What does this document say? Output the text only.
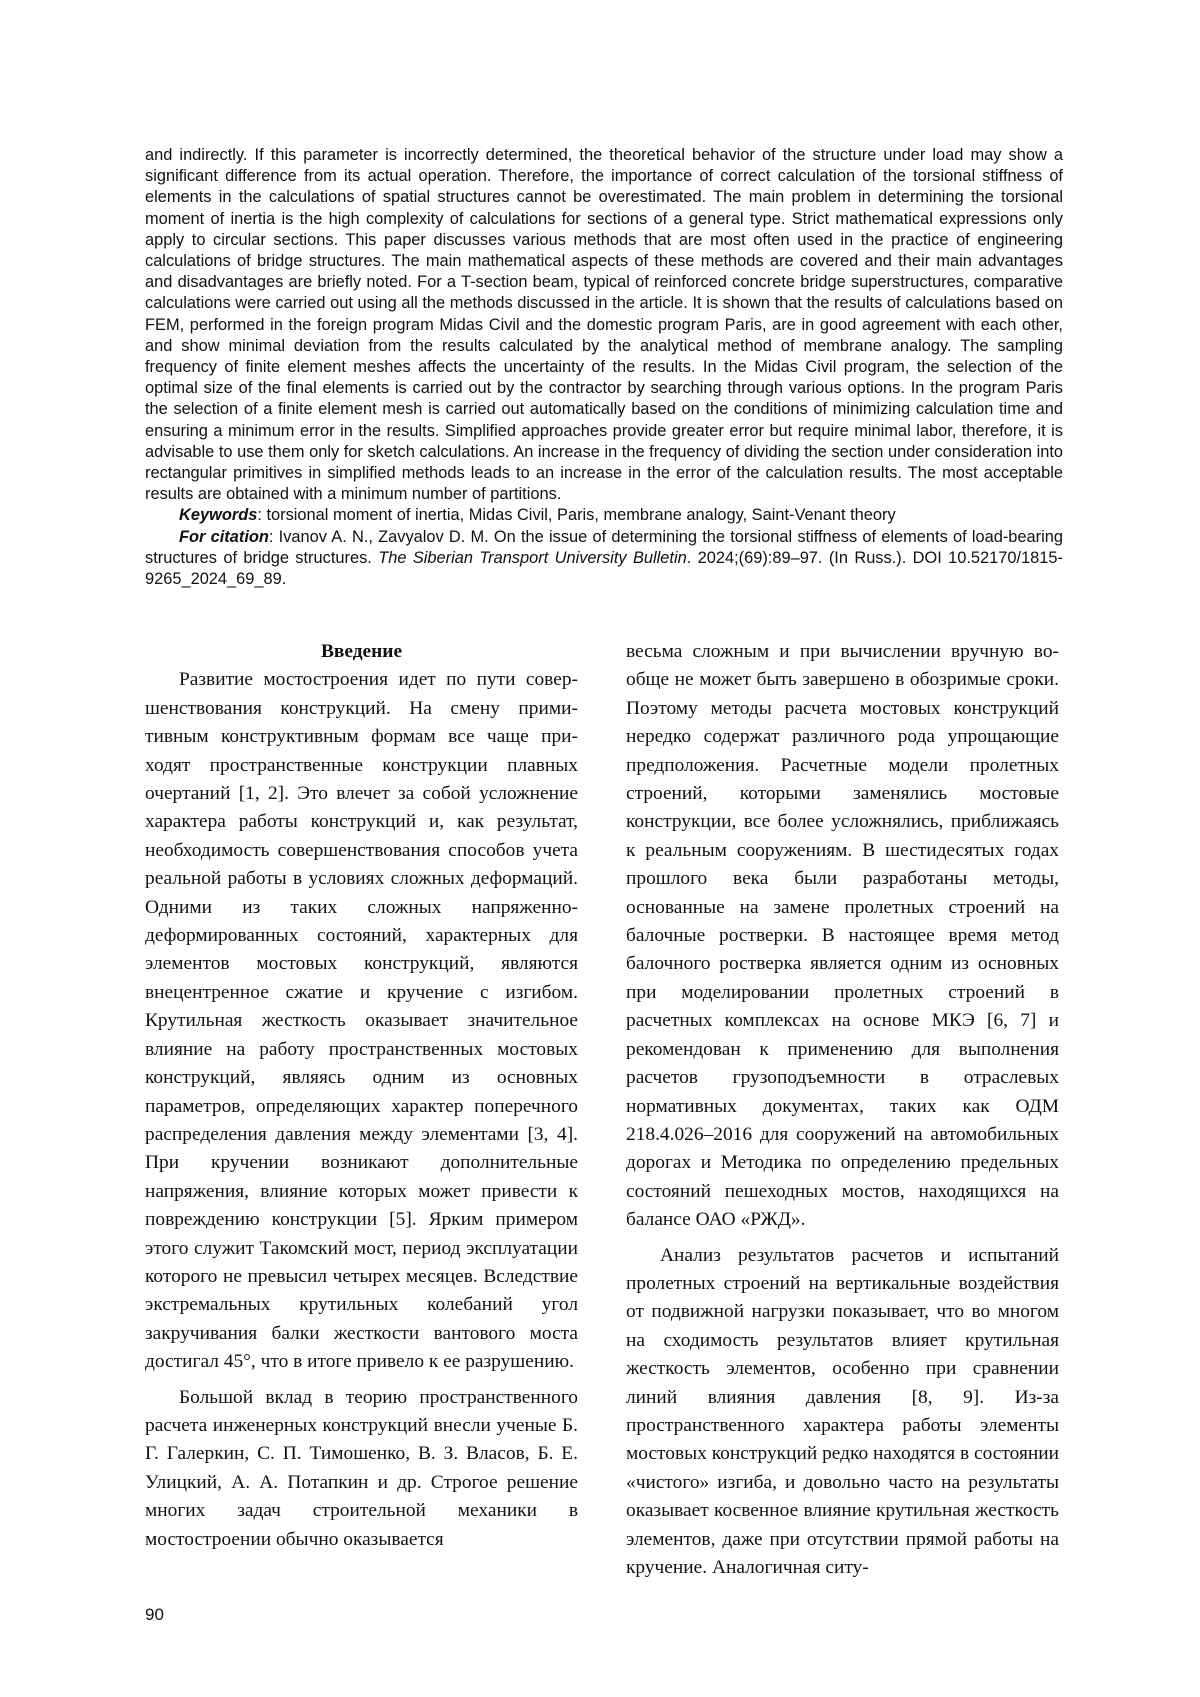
and indirectly. If this parameter is incorrectly determined, the theoretical behavior of the structure under load may show a significant difference from its actual operation. Therefore, the importance of correct calculation of the torsional stiffness of elements in the calculations of spatial structures cannot be overestimated. The main problem in determining the torsional moment of inertia is the high complexity of calculations for sections of a general type. Strict mathematical expressions only apply to circular sections. This paper discusses various methods that are most often used in the practice of engineering calculations of bridge structures. The main mathematical aspects of these methods are covered and their main advantages and disadvantages are briefly noted. For a T-section beam, typical of reinforced concrete bridge superstructures, comparative calculations were carried out using all the methods discussed in the article. It is shown that the results of calculations based on FEM, performed in the foreign program Midas Civil and the domestic program Paris, are in good agreement with each other, and show minimal deviation from the results calculated by the analytical method of membrane analogy. The sampling frequency of finite element meshes affects the uncertainty of the results. In the Midas Civil program, the selection of the optimal size of the final elements is carried out by the contractor by searching through various options. In the program Paris the selection of a finite element mesh is carried out automatically based on the conditions of minimizing calculation time and ensuring a minimum error in the results. Simplified approaches provide greater error but require minimal labor, therefore, it is advisable to use them only for sketch calculations. An increase in the frequency of dividing the section under consideration into rectangular primitives in simplified methods leads to an increase in the error of the calculation results. The most acceptable results are obtained with a minimum number of partitions.

Keywords: torsional moment of inertia, Midas Civil, Paris, membrane analogy, Saint-Venant theory

For citation: Ivanov A. N., Zavyalov D. M. On the issue of determining the torsional stiffness of elements of load-bearing structures of bridge structures. The Siberian Transport University Bulletin. 2024;(69):89–97. (In Russ.). DOI 10.52170/1815-9265_2024_69_89.

Введение

Развитие мостостроения идет по пути совер­шенствования конструкций. На смену прими­тивным конструктивным формам все чаще при­ходят пространственные конструкции плавных очертаний [1, 2]. Это влечет за собой усложне­ние характера работы конструкций и, как ре­зультат, необходимость совершенствования способов учета реальной работы в условиях сложных деформаций. Одними из таких слож­ных напряженно-деформированных состояний, характерных для элементов мостовых конструк­ций, являются внецентренное сжатие и круче­ние с изгибом. Крутильная жесткость оказывает значительное влияние на работу пространствен­ных мостовых конструкций, являясь одним из основных параметров, определяющих характер поперечного распределения давления между элементами [3, 4]. При кручении возникают до­полнительные напряжения, влияние которых может привести к повреждению конструкции [5]. Ярким примером этого служит Такомский мост, период эксплуатации которого не превы­сил четырех месяцев. Вследствие экстремаль­ных крутильных колебаний угол закручивания балки жесткости вантового моста достигал 45°, что в итоге привело к ее разрушению.

Большой вклад в теорию пространственного расчета инженерных конструкций внесли уче­ные Б. Г. Галеркин, С. П. Тимошенко, В. З. Вла­сов, Б. Е. Улицкий, А. А. Потапкин и др. Стро­гое решение многих задач строительной меха­ники в мостостроении обычно оказывается

весьма сложным и при вычислении вручную во­обще не может быть завершено в обозримые сроки. Поэтому методы расчета мостовых кон­струкций нередко содержат различного рода упрощающие предположения. Расчетные мо­дели пролетных строений, которыми заменялись мостовые конструкции, все более усложнялись, приближаясь к реальным сооружениям. В шести­десятых годах прошлого века были разработаны методы, основанные на замене пролетных стро­ений на балочные ростверки. В настоящее время метод балочного ростверка является одним из основных при моделировании пролетных стро­ений в расчетных комплексах на основе МКЭ [6, 7] и рекомендован к применению для выполне­ния расчетов грузоподъемности в отраслевых нормативных документах, таких как ОДМ 218.4.026–2016 для сооружений на автомобиль­ных дорогах и Методика по определению пре­дельных состояний пешеходных мостов, нахо­дящихся на балансе ОАО «РЖД».

Анализ результатов расчетов и испытаний пролетных строений на вертикальные воздей­ствия от подвижной нагрузки показывает, что во многом на сходимость результатов влияет крутильная жесткость элементов, особенно при сравнении линий влияния давления [8, 9]. Из-за пространственного характера работы элементы мостовых конструкций редко находятся в состо­янии «чистого» изгиба, и довольно часто на ре­зультаты оказывает косвенное влияние крутиль­ная жесткость элементов, даже при отсутствии прямой работы на кручение. Аналогичная ситу-

90
